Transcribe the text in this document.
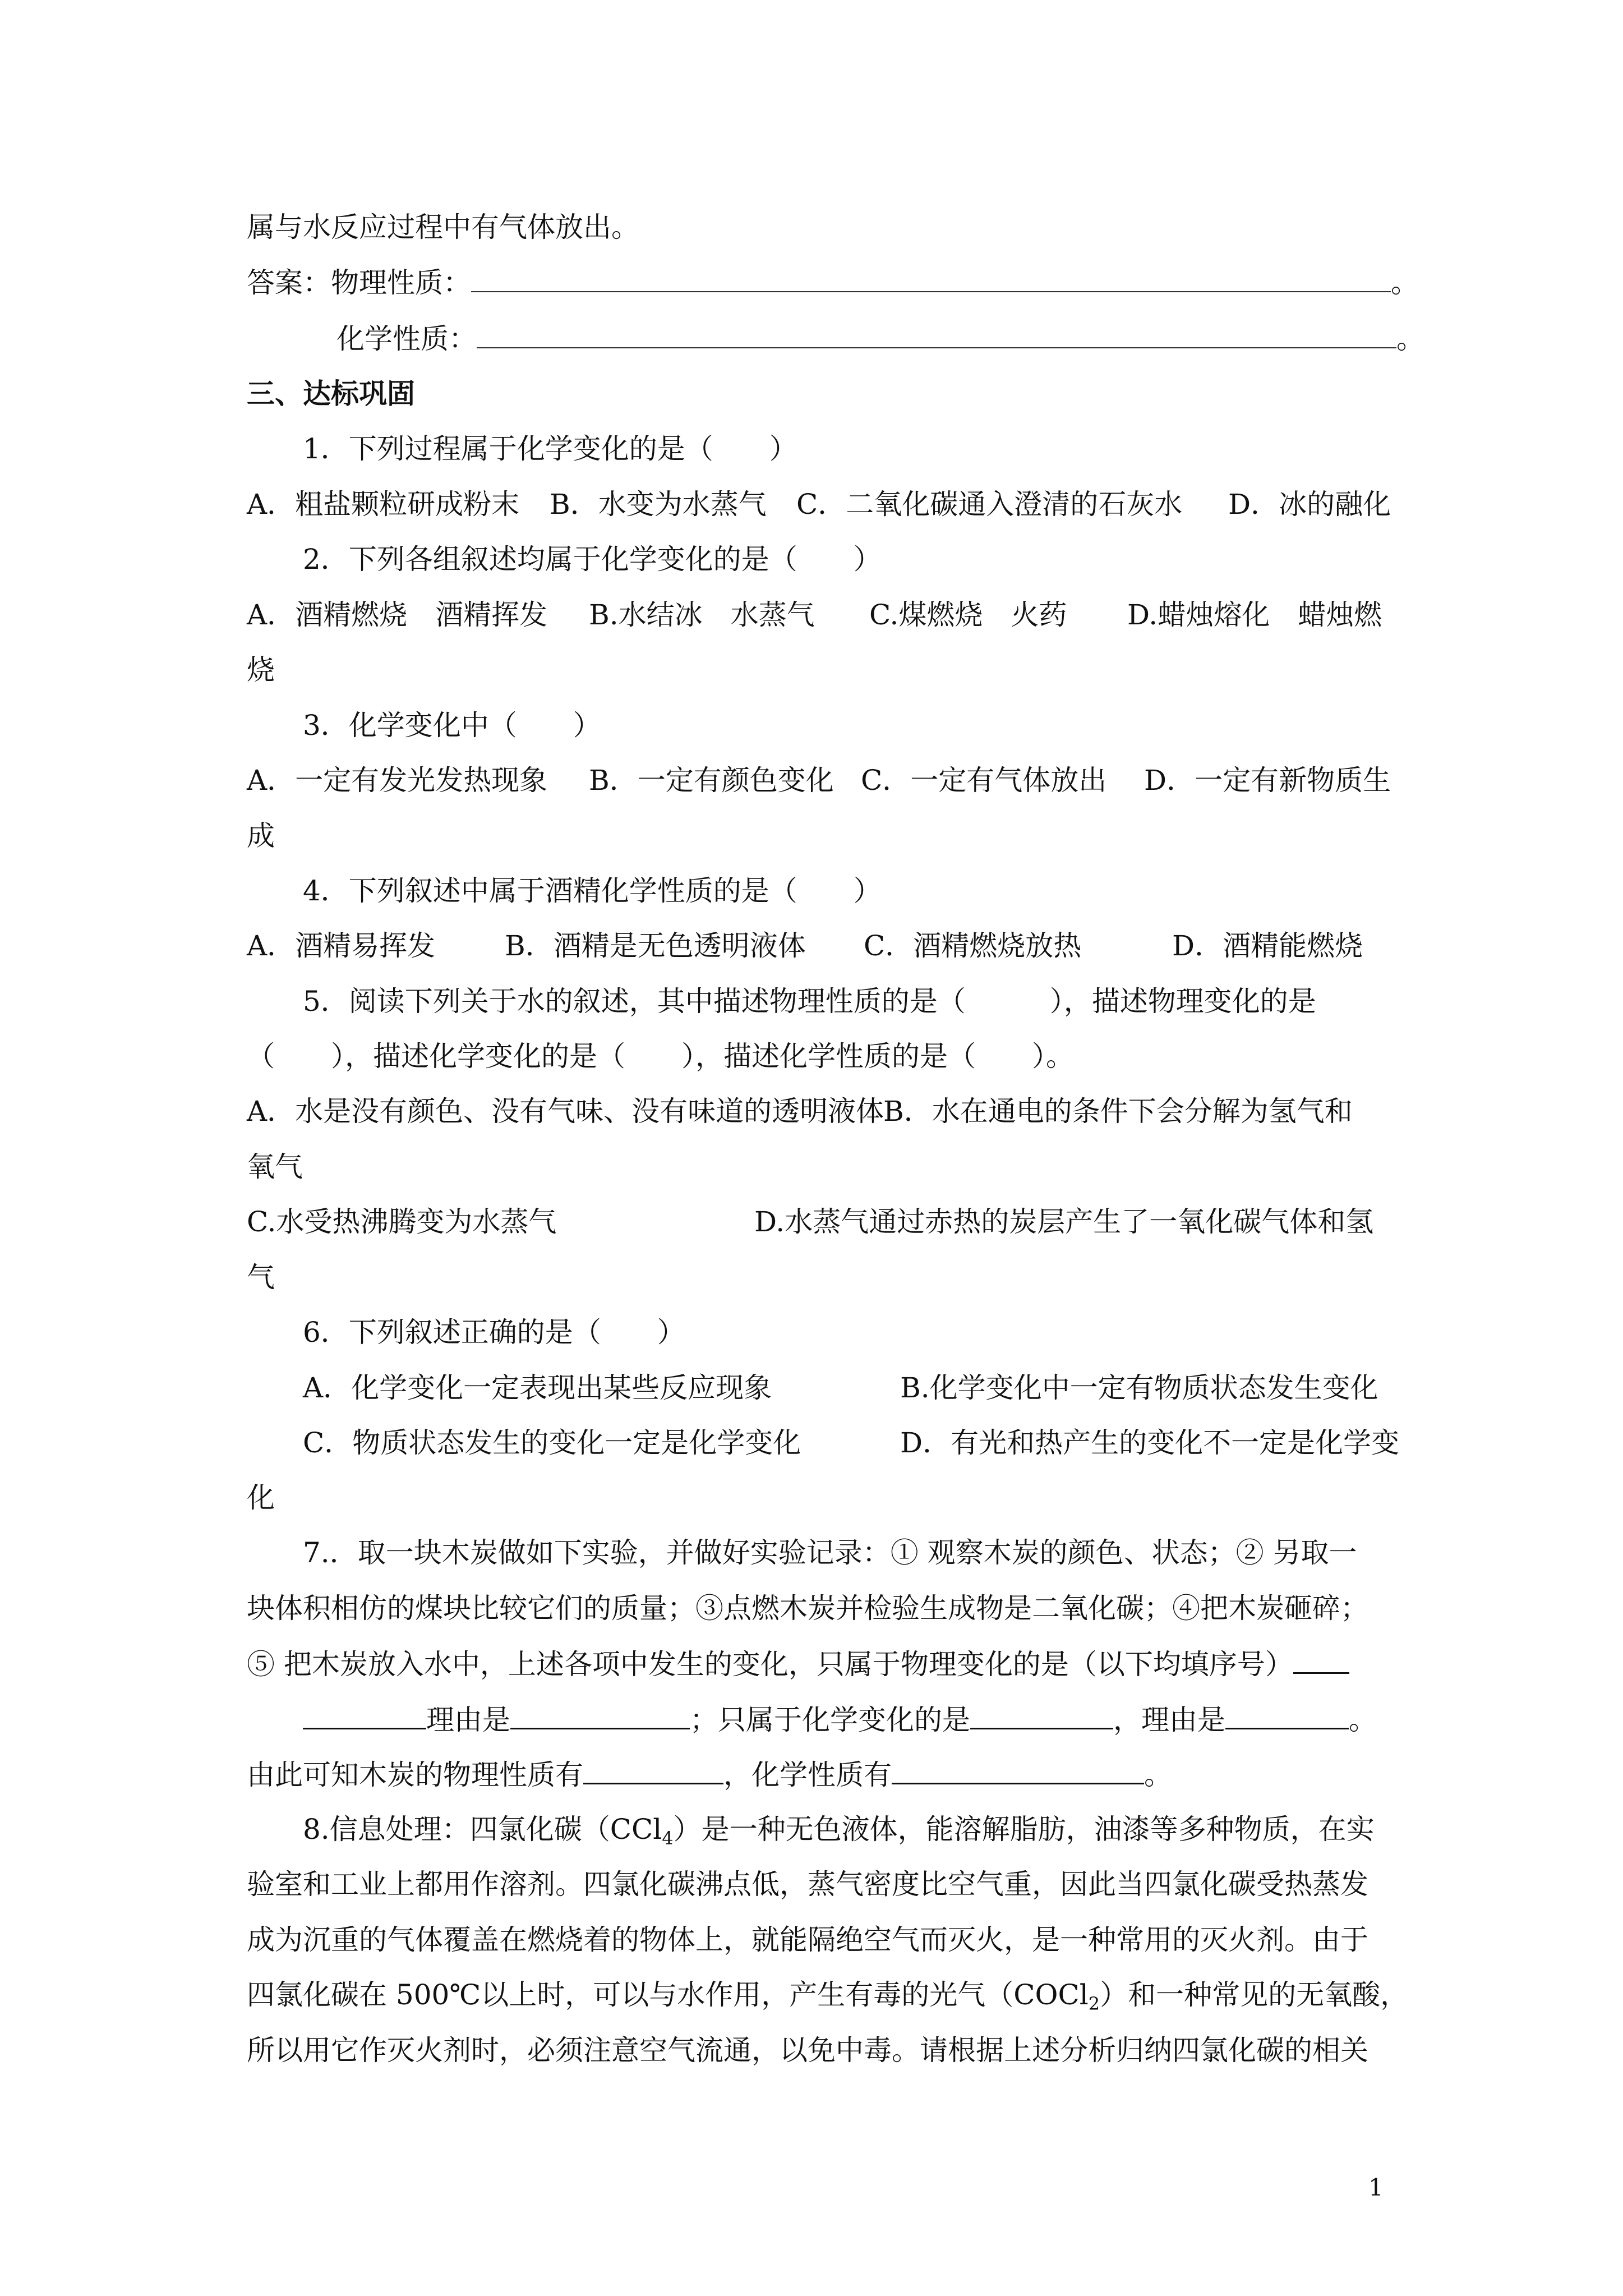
属与水反应过程中有气体放出。
答案：物理性质：	。
化学性质：	。
三、达标巩固
1．下列过程属于化学变化的是（　　）
A．粗盐颗粒研成粉末 B．水变为水蒸气 C．二氧化碳通入澄清的石灰水 D．冰的融化
2．下列各组叙述均属于化学变化的是（　　）
A．酒精燃烧　酒精挥发 B.水结冰　水蒸气 C.煤燃烧　火药 D.蜡烛熔化　蜡烛燃
烧
3．化学变化中（　　）
A．一定有发光发热现象 B．一定有颜色变化 C．一定有气体放出 D．一定有新物质生
成
4．下列叙述中属于酒精化学性质的是（　　）
A．酒精易挥发 B．酒精是无色透明液体 C．酒精燃烧放热	D．酒精能燃烧
5．阅读下列关于水的叙述，其中描述物理性质的是（　　　），描述物理变化的是
（　　），描述化学变化的是（　　），描述化学性质的是（　　）。
A．水是没有颜色、没有气味、没有味道的透明液体
B．水在通电的条件下会分解为氢气和
氧气
C.水受热沸腾变为水蒸气	D.水蒸气通过赤热的炭层产生了一氧化碳气体和氢
气
6．下列叙述正确的是（　　）
A．化学变化一定表现出某些反应现象	B.化学变化中一定有物质状态发生变化
C．物质状态发生的变化一定是化学变化	D．有光和热产生的变化不一定是化学变
化
7.．取一块木炭做如下实验，并做好实验记录：① 观察木炭的颜色、状态；② 另取一
块体积相仿的煤块比较它们的质量；③点燃木炭并检验生成物是二氧化碳；④把木炭砸碎；
⑤ 把木炭放入水中，上述各项中发生的变化，只属于物理变化的是（以下均填序号）
理由是	；只属于化学变化的是	，理由是	。
由此可知木炭的物理性质有	，化学性质有	。
8.信息处理：四氯化碳（CCl$_4$）是一种无色液体，能溶解脂肪，油漆等多种物质，在实
验室和工业上都用作溶剂。四氯化碳沸点低，蒸气密度比空气重，因此当四氯化碳受热蒸发
成为沉重的气体覆盖在燃烧着的物体上，就能隔绝空气而灭火，是一种常用的灭火剂。由于
四氯化碳在 500℃以上时，可以与水作用，产生有毒的光气（COCl$_2$）和一种常见的无氧酸，
所以用它作灭火剂时，必须注意空气流通，以免中毒。请根据上述分析归纳四氯化碳的相关
1
